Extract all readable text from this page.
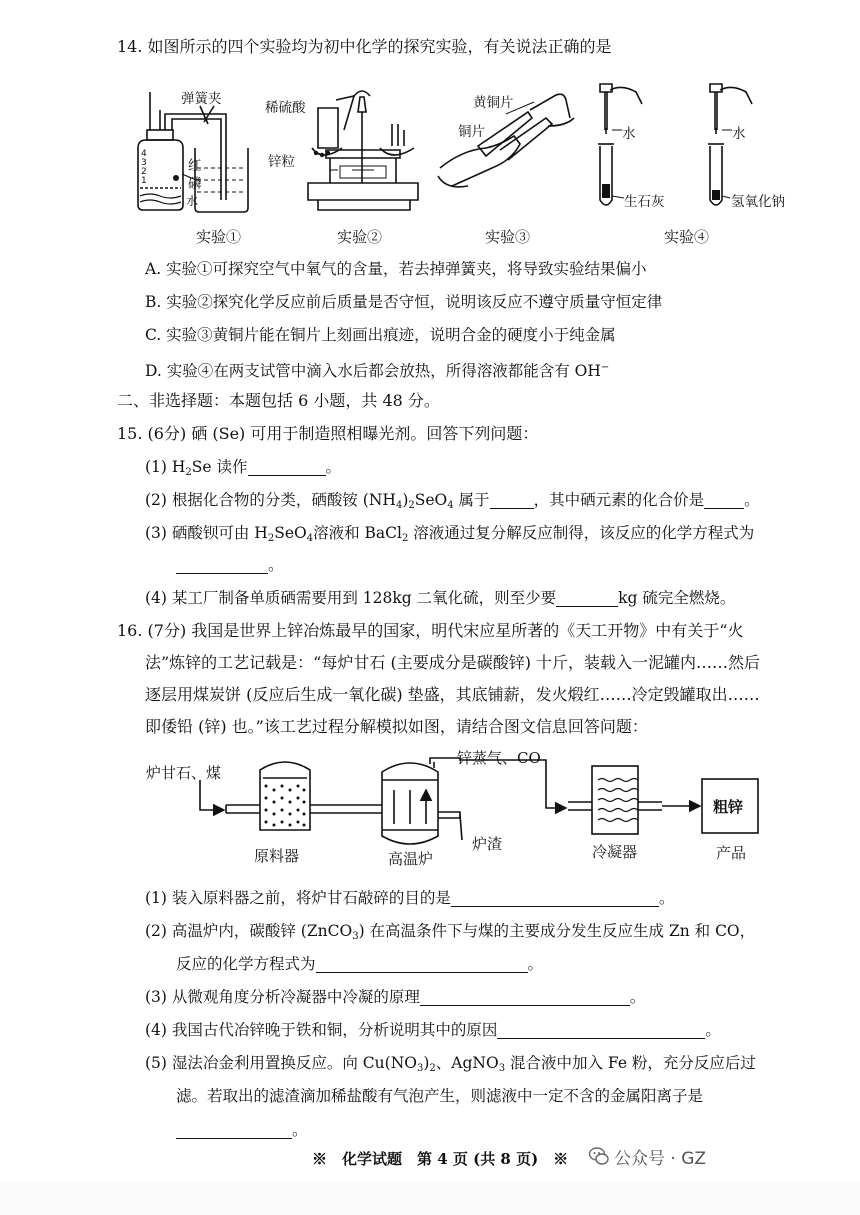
14. 如图所示的四个实验均为初中化学的探究实验，有关说法正确的是
弹簧夹
红
磷
水
4
3
2
1
稀硫酸
锌粒
黄铜片
铜片	水	水
生石灰	氢氧化钠
实验①	实验②	实验③	实验④
A. 实验①可探究空气中氧气的含量，若去掉弹簧夹，将导致实验结果偏小
B. 实验②探究化学反应前后质量是否守恒，说明该反应不遵守质量守恒定律
C. 实验③黄铜片能在铜片上刻画出痕迹，说明合金的硬度小于纯金属
D. 实验④在两支试管中滴入水后都会放热，所得溶液都能含有 OH−
二、非选择题：本题包括 6 小题，共 48 分。
15. (6分) 硒 (Se) 可用于制造照相曝光剂。回答下列问题：
(1) $H_2Se$ 读作	。
(2) 根据化合物的分类，硒酸铵 $(NH_4)_2SeO_4$ 属于	，其中硒元素的化合价是	。
(3) 硒酸钡可由 $H_2SeO_4$溶液和 BaCl$_2$ 溶液通过复分解反应制得，该反应的化学方程式为
。
(4) 某工厂制备单质硒需要用到 128kg 二氧化硫，则至少要	kg 硫完全燃烧。
16. (7分) 我国是世界上锌冶炼最早的国家，明代宋应星所著的《天工开物》中有关于“火
法”炼锌的工艺记载是：“每炉甘石 (主要成分是碳酸锌) 十斤，装载入一泥罐内……然后
逐层用煤炭饼 (反应后生成一氧化碳) 垫盛，其底铺薪，发火煅红……冷定毁罐取出……
即倭铅 (锌) 也。”该工艺过程分解模拟如图，请结合图文信息回答问题：
炉甘石、煤
锌蒸气、CO
炉渣
粗锌
原料器	高温炉	冷凝器	产品
(1) 装入原料器之前，将炉甘石敲碎的目的是	。
(2) 高温炉内，碳酸锌 (ZnCO$_3$) 在高温条件下与煤的主要成分发生反应生成 Zn 和 CO，
反应的化学方程式为	。
(3) 从微观角度分析冷凝器中冷凝的原理	。
(4) 我国古代冶锌晚于铁和铜，分析说明其中的原因	。
(5) 湿法冶金利用置换反应。向 $Cu(NO_3)_2$、AgNO$_3$ 混合液中加入 Fe 粉，充分反应后过
滤。若取出的滤渣滴加稀盐酸有气泡产生，则滤液中一定不含的金属阳离子是
。
※　化学试题　第 4 页 (共 8 页)　※	公众号 · GZ
